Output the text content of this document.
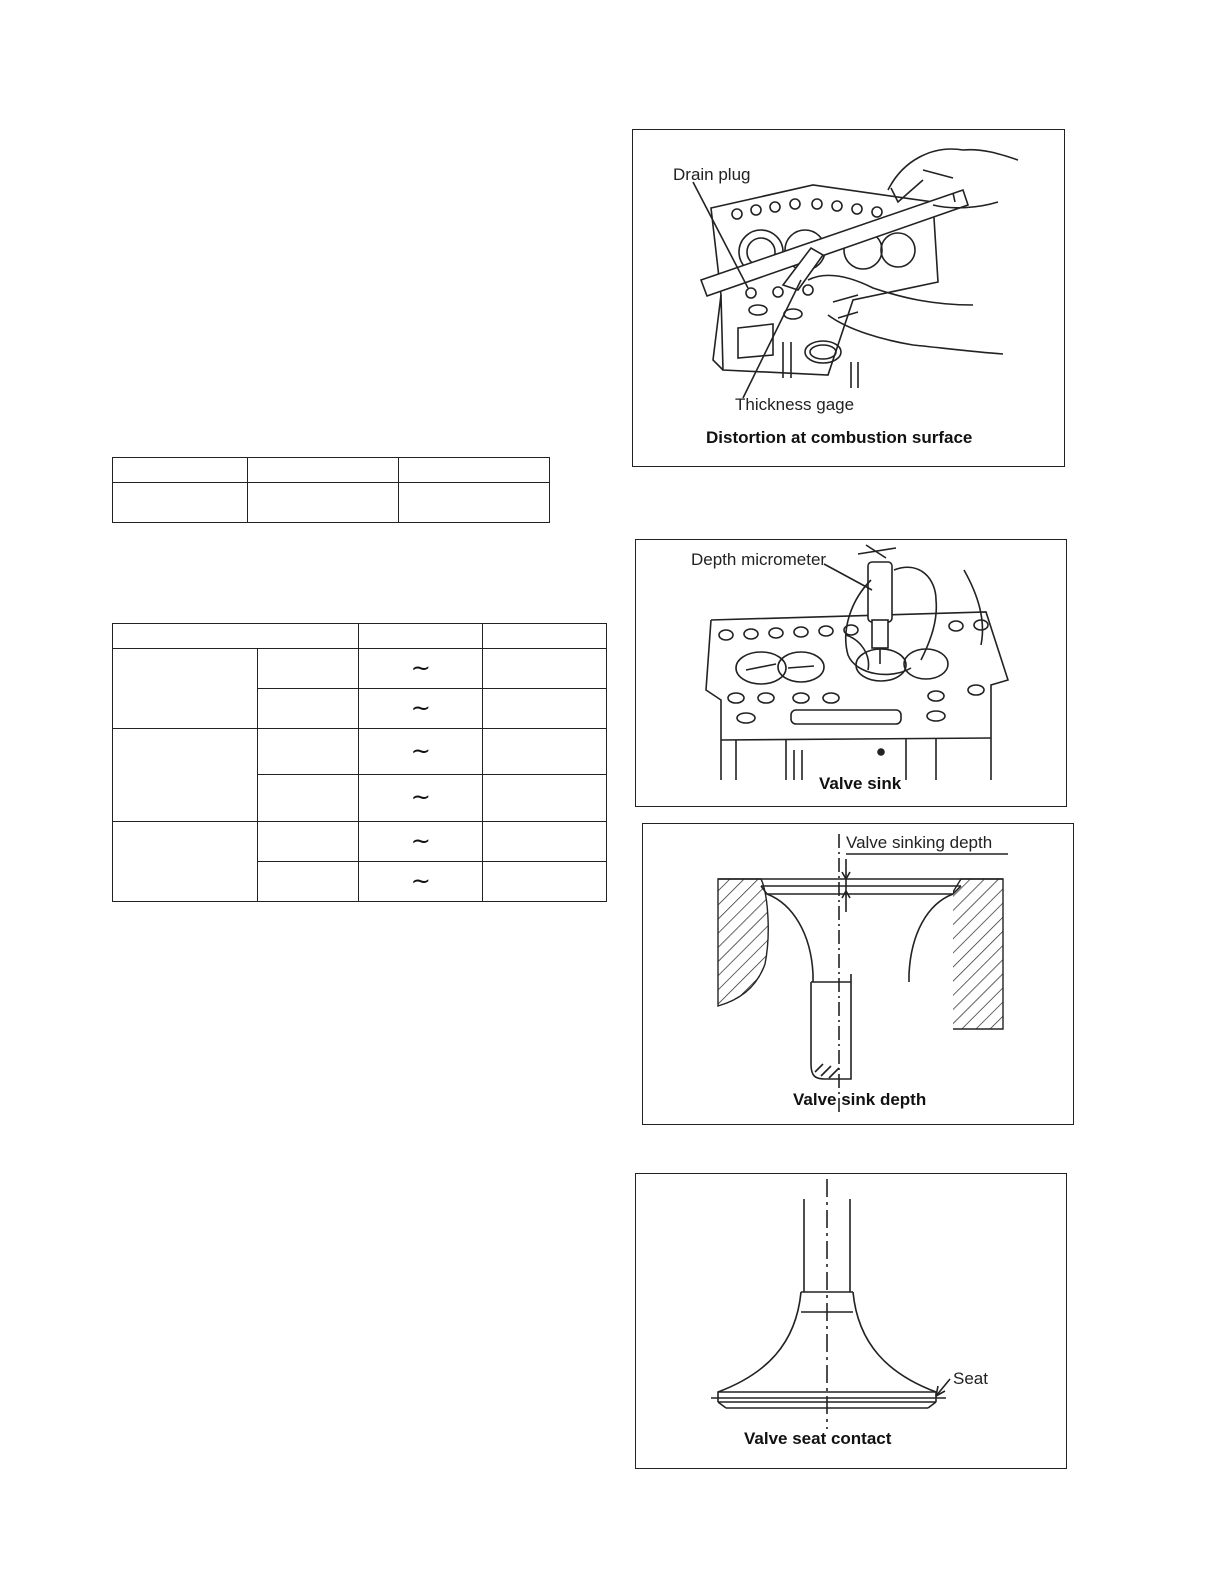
		~	
		~	
		~	
		~	
		~	
		~	
Drain plug
Thickness gage
Distortion at combustion surface
Depth micrometer
Valve sink
Valve sinking depth
Valve sink depth
Seat
Valve seat contact
